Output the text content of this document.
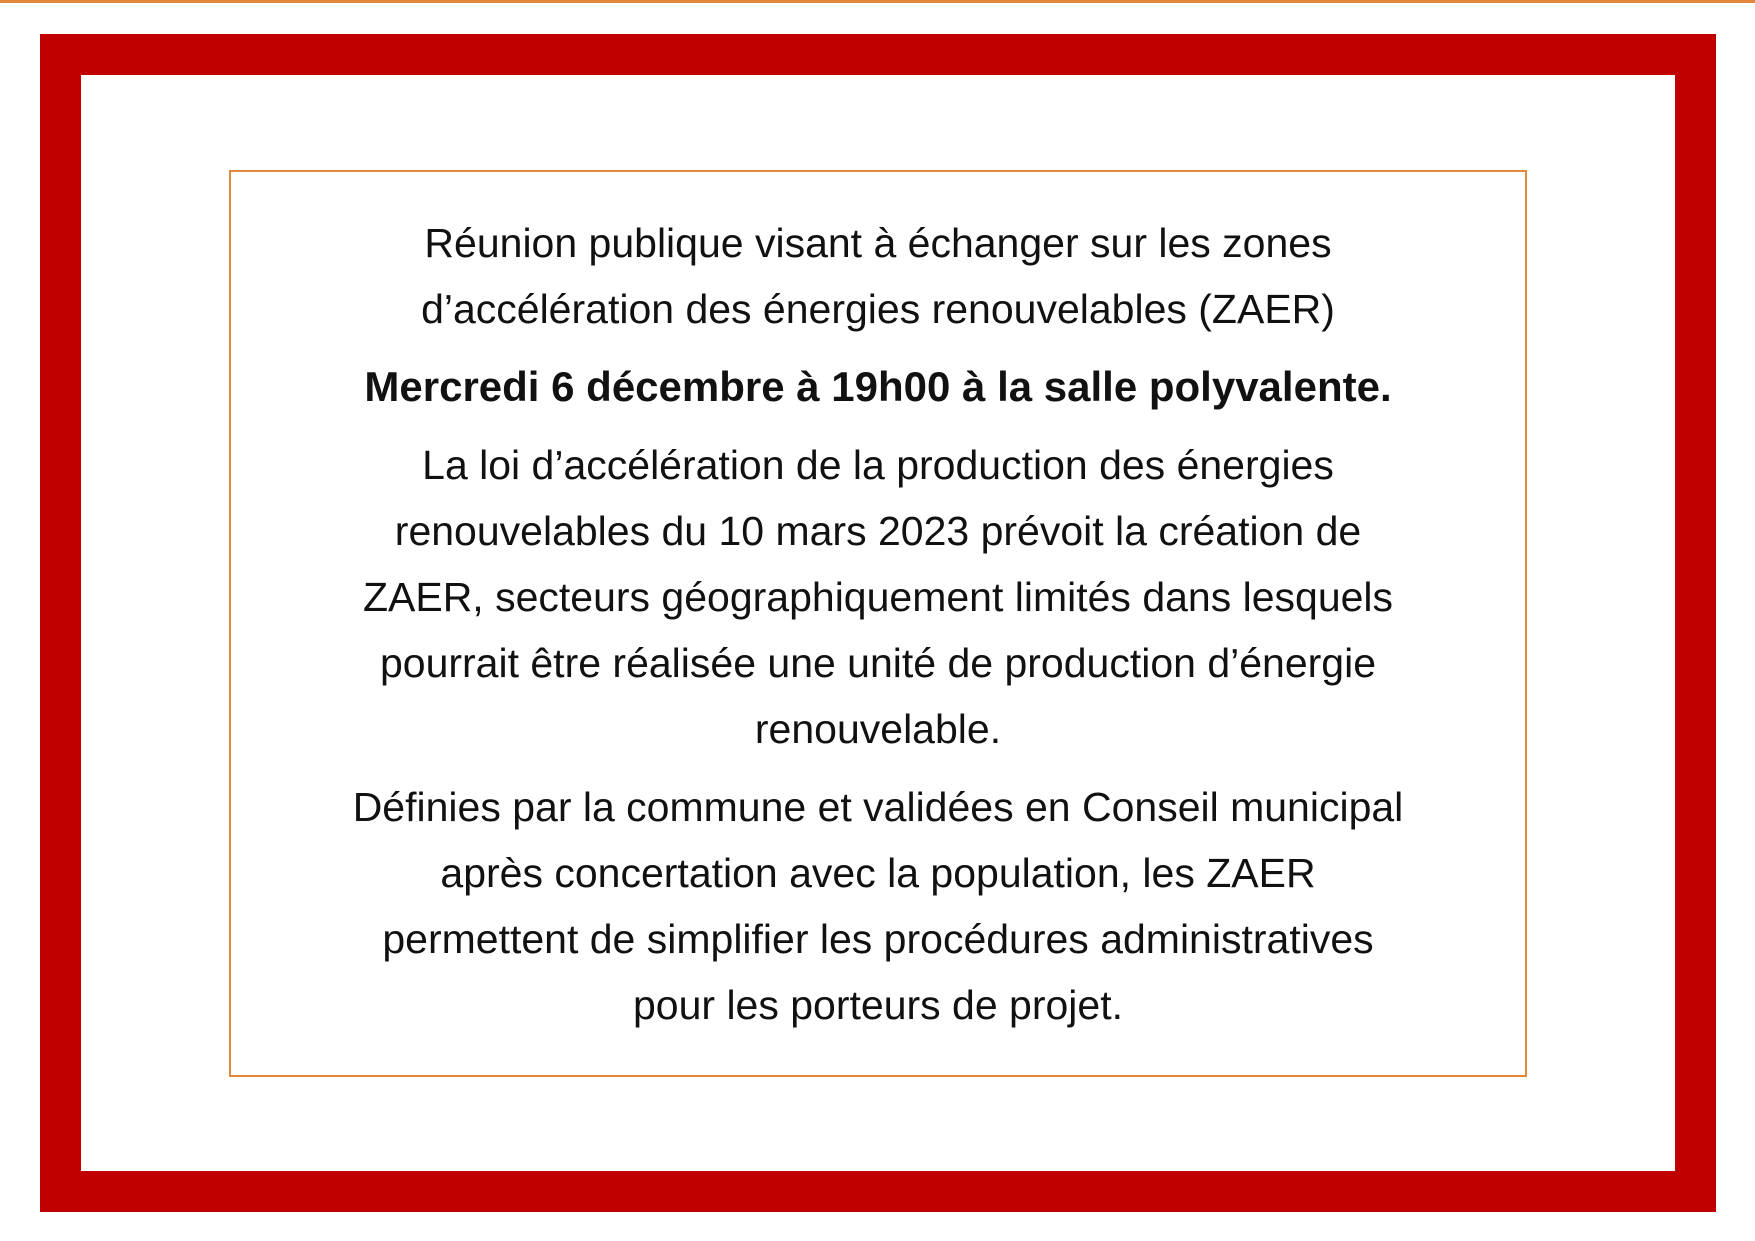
Réunion publique visant à échanger sur les zones
d’accélération des énergies renouvelables (ZAER)

Mercredi 6 décembre à 19h00 à la salle polyvalente.

La loi d’accélération de la production des énergies
renouvelables du 10 mars 2023 prévoit la création de
ZAER, secteurs géographiquement limités dans lesquels
pourrait être réalisée une unité de production d’énergie
renouvelable.

Définies par la commune et validées en Conseil municipal
après concertation avec la population, les ZAER
permettent de simplifier les procédures administratives
pour les porteurs de projet.
